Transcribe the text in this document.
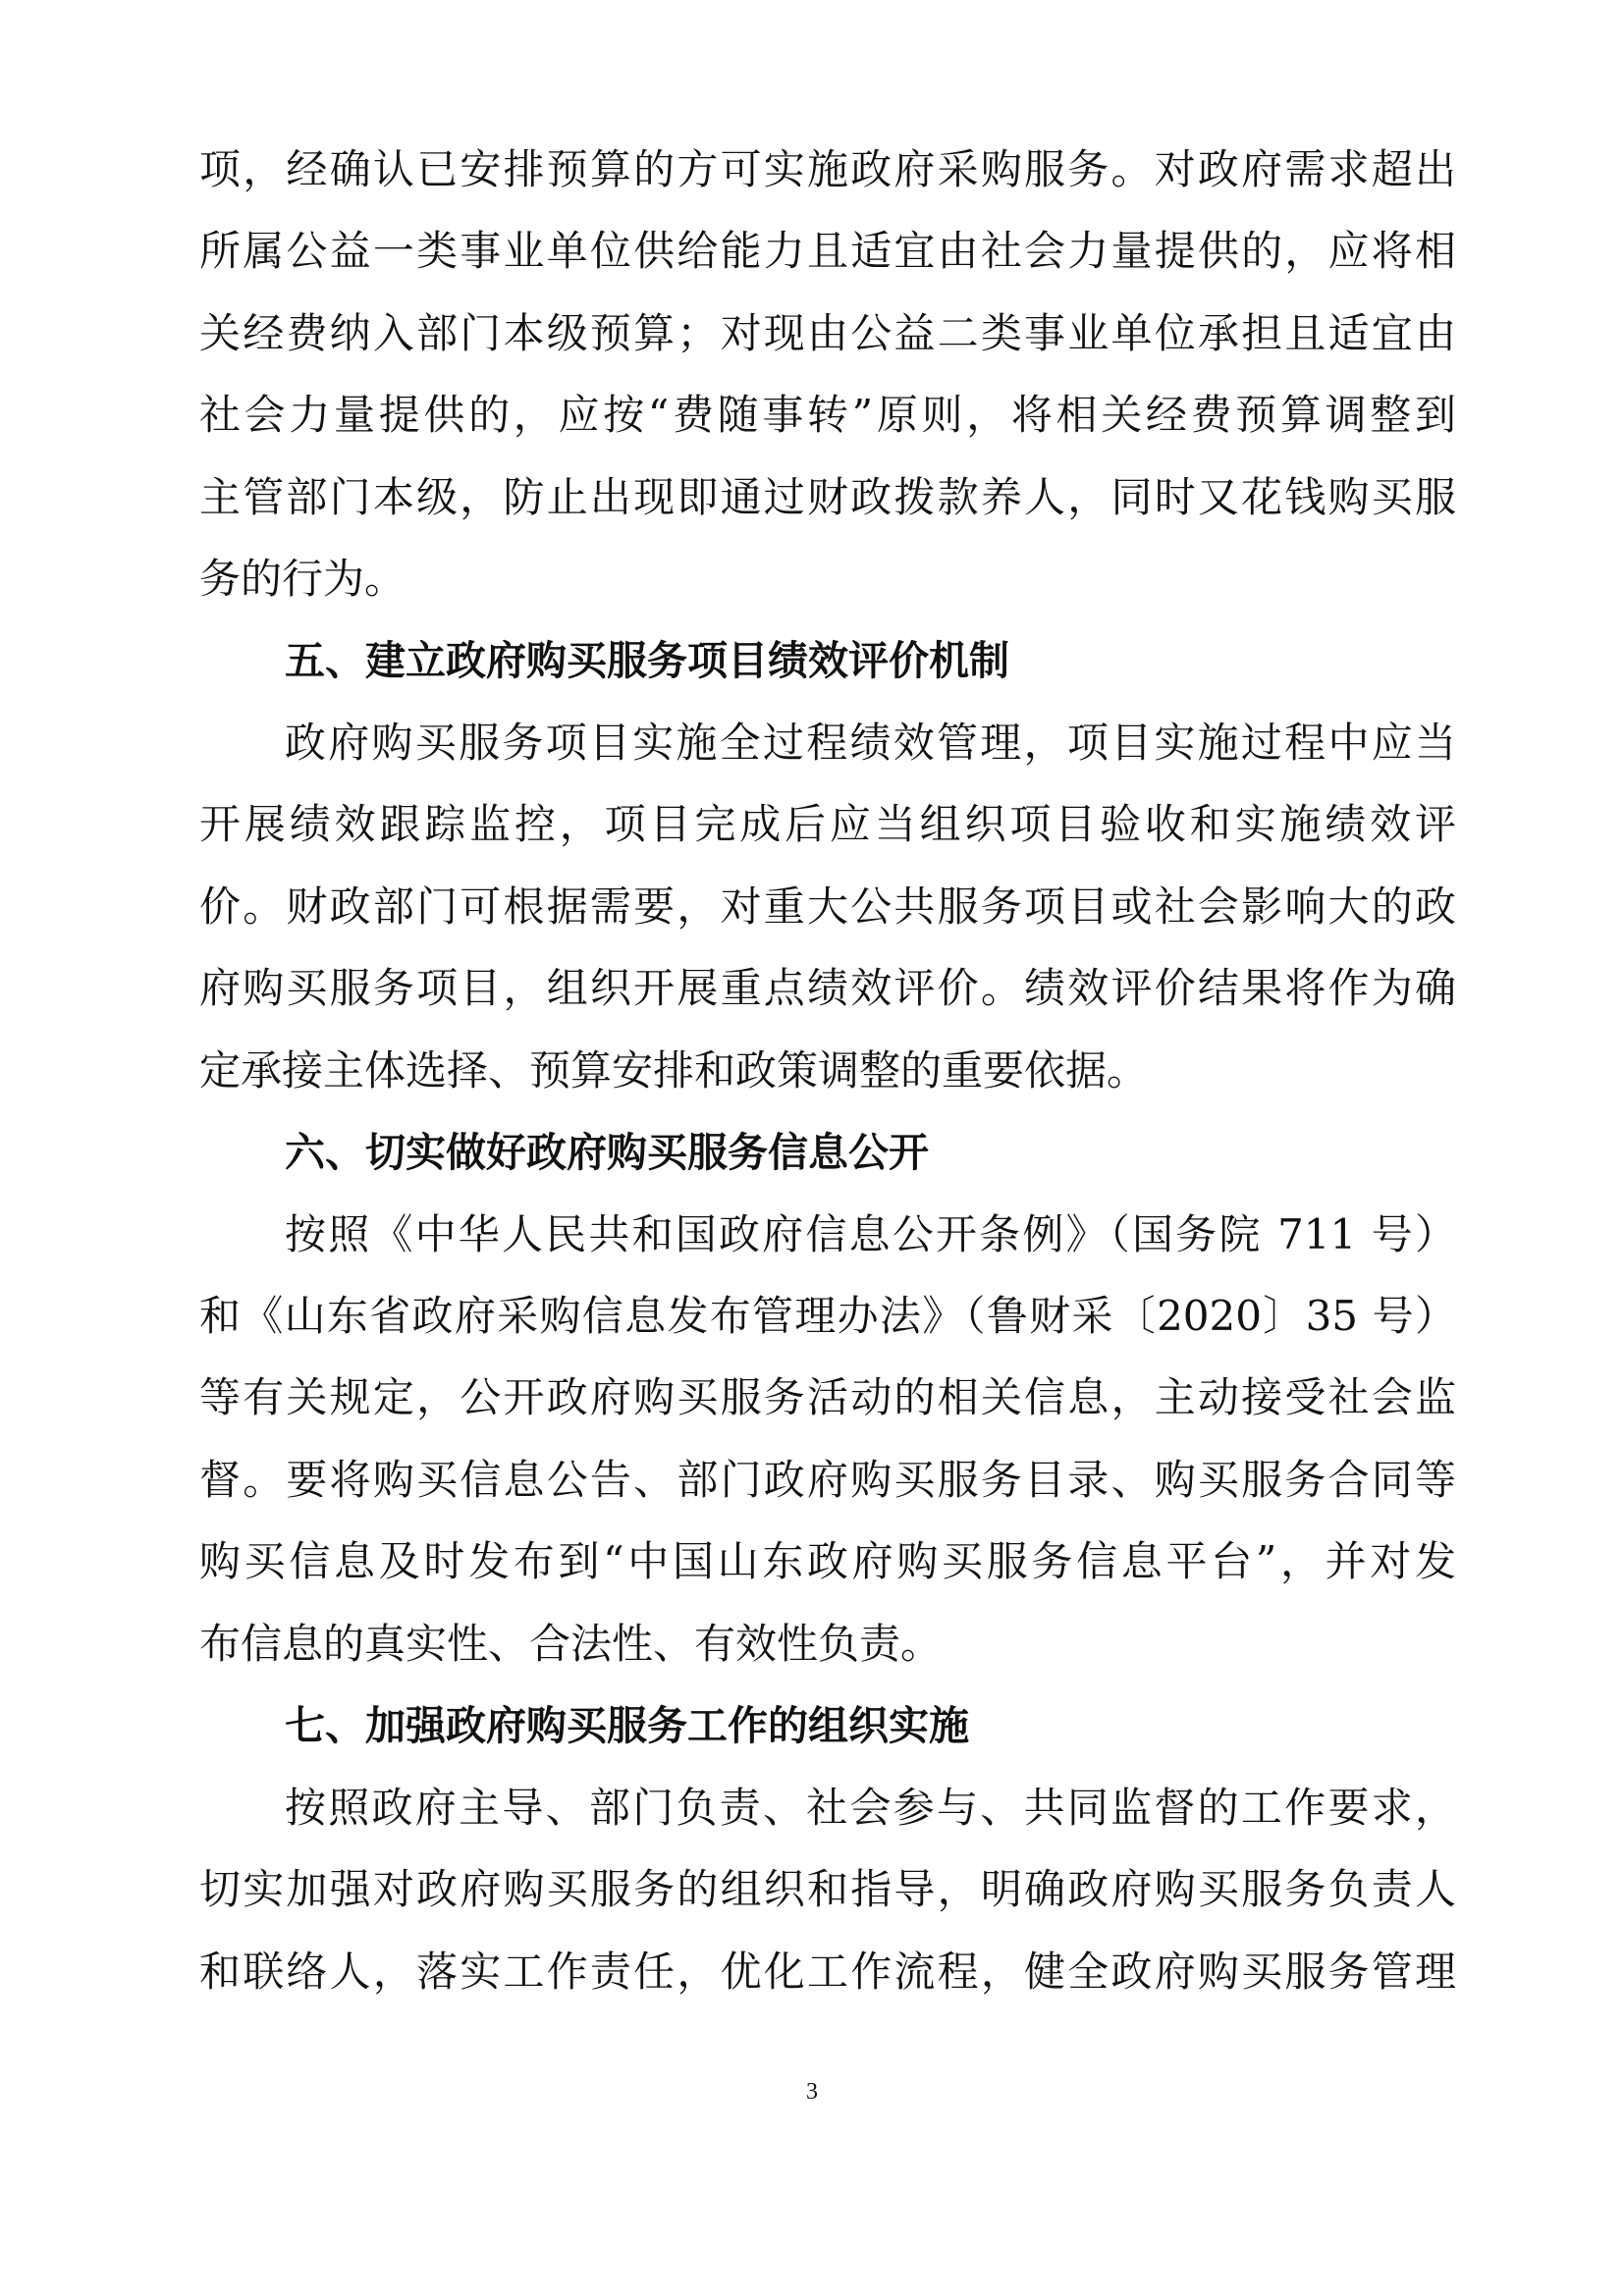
项，经确认已安排预算的方可实施政府采购服务。对政府需求超出
所属公益一类事业单位供给能力且适宜由社会力量提供的，应将相
关经费纳入部门本级预算；对现由公益二类事业单位承担且适宜由
社会力量提供的，应按“费随事转”原则，将相关经费预算调整到
主管部门本级，防止出现即通过财政拨款养人，同时又花钱购买服
务的行为。
五、建立政府购买服务项目绩效评价机制
政府购买服务项目实施全过程绩效管理，项目实施过程中应当
开展绩效跟踪监控，项目完成后应当组织项目验收和实施绩效评
价。财政部门可根据需要，对重大公共服务项目或社会影响大的政
府购买服务项目，组织开展重点绩效评价。绩效评价结果将作为确
定承接主体选择、预算安排和政策调整的重要依据。
六、切实做好政府购买服务信息公开
按照《中华人民共和国政府信息公开条例》（国务院 711 号）
和《山东省政府采购信息发布管理办法》（鲁财采〔2020〕35 号）
等有关规定，公开政府购买服务活动的相关信息，主动接受社会监
督。要将购买信息公告、部门政府购买服务目录、购买服务合同等
购买信息及时发布到“中国山东政府购买服务信息平台”，并对发
布信息的真实性、合法性、有效性负责。
七、加强政府购买服务工作的组织实施
按照政府主导、部门负责、社会参与、共同监督的工作要求，
切实加强对政府购买服务的组织和指导，明确政府购买服务负责人
和联络人，落实工作责任，优化工作流程，健全政府购买服务管理
3
